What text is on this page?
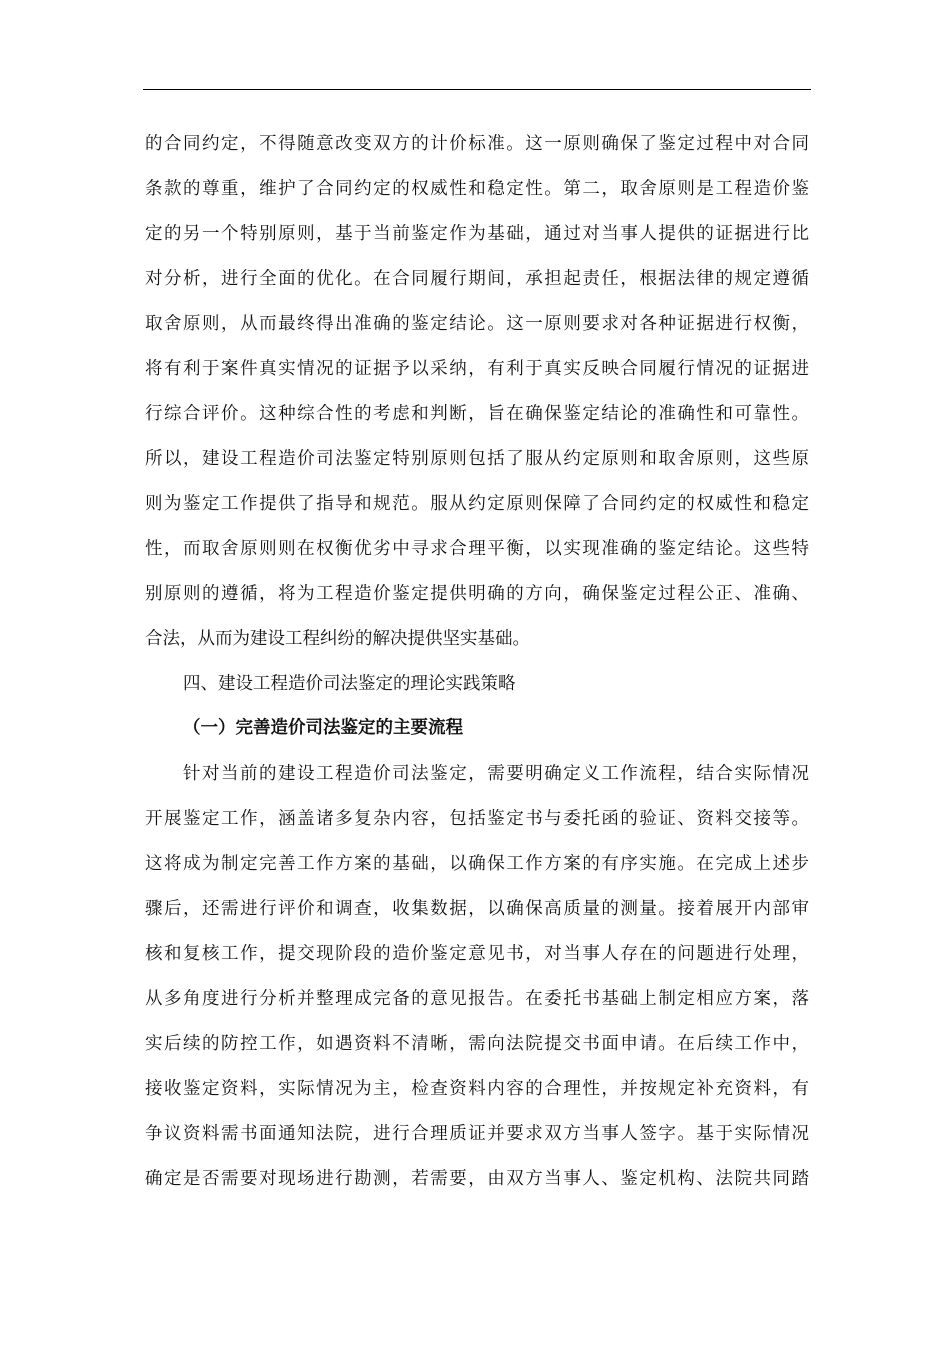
的合同约定，不得随意改变双方的计价标准。这一原则确保了鉴定过程中对合同
条款的尊重，维护了合同约定的权威性和稳定性。第二，取舍原则是工程造价鉴
定的另一个特别原则，基于当前鉴定作为基础，通过对当事人提供的证据进行比
对分析，进行全面的优化。在合同履行期间，承担起责任，根据法律的规定遵循
取舍原则，从而最终得出准确的鉴定结论。这一原则要求对各种证据进行权衡，
将有利于案件真实情况的证据予以采纳，有利于真实反映合同履行情况的证据进
行综合评价。这种综合性的考虑和判断，旨在确保鉴定结论的准确性和可靠性。
所以，建设工程造价司法鉴定特别原则包括了服从约定原则和取舍原则，这些原
则为鉴定工作提供了指导和规范。服从约定原则保障了合同约定的权威性和稳定
性，而取舍原则则在权衡优劣中寻求合理平衡，以实现准确的鉴定结论。这些特
别原则的遵循，将为工程造价鉴定提供明确的方向，确保鉴定过程公正、准确、
合法，从而为建设工程纠纷的解决提供坚实基础。
四、建设工程造价司法鉴定的理论实践策略
（一）完善造价司法鉴定的主要流程
针对当前的建设工程造价司法鉴定，需要明确定义工作流程，结合实际情况
开展鉴定工作，涵盖诸多复杂内容，包括鉴定书与委托函的验证、资料交接等。
这将成为制定完善工作方案的基础，以确保工作方案的有序实施。在完成上述步
骤后，还需进行评价和调查，收集数据，以确保高质量的测量。接着展开内部审
核和复核工作，提交现阶段的造价鉴定意见书，对当事人存在的问题进行处理，
从多角度进行分析并整理成完备的意见报告。在委托书基础上制定相应方案，落
实后续的防控工作，如遇资料不清晰，需向法院提交书面申请。在后续工作中，
接收鉴定资料，实际情况为主，检查资料内容的合理性，并按规定补充资料，有
争议资料需书面通知法院，进行合理质证并要求双方当事人签字。基于实际情况
确定是否需要对现场进行勘测，若需要，由双方当事人、鉴定机构、法院共同踏
